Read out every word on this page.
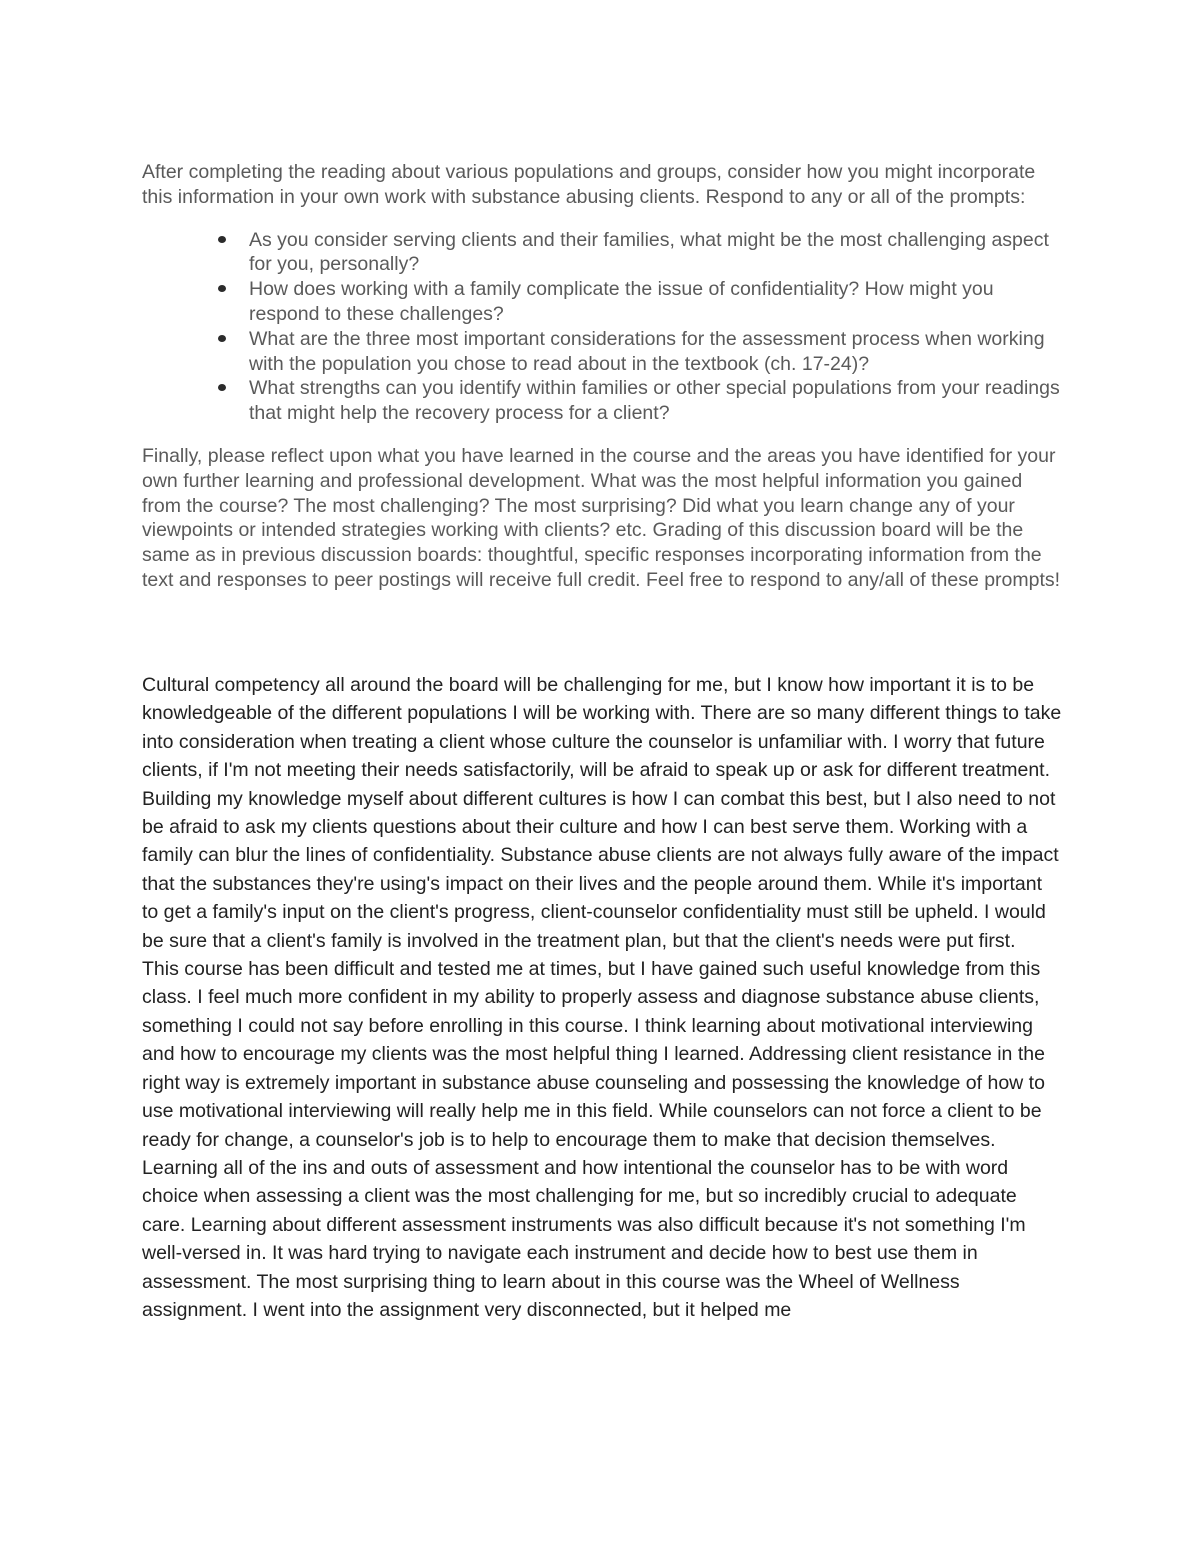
After completing the reading about various populations and groups, consider how you might incorporate this information in your own work with substance abusing clients. Respond to any or all of the prompts:

As you consider serving clients and their families, what might be the most challenging aspect for you, personally?
How does working with a family complicate the issue of confidentiality? How might you respond to these challenges?
What are the three most important considerations for the assessment process when working with the population you chose to read about in the textbook (ch. 17-24)?
What strengths can you identify within families or other special populations from your readings that might help the recovery process for a client?

Finally, please reflect upon what you have learned in the course and the areas you have identified for your own further learning and professional development. What was the most helpful information you gained from the course? The most challenging? The most surprising? Did what you learn change any of your viewpoints or intended strategies working with clients? etc. Grading of this discussion board will be the same as in previous discussion boards: thoughtful, specific responses incorporating information from the text and responses to peer postings will receive full credit. Feel free to respond to any/all of these prompts!

Cultural competency all around the board will be challenging for me, but I know how important it is to be knowledgeable of the different populations I will be working with. There are so many different things to take into consideration when treating a client whose culture the counselor is unfamiliar with. I worry that future clients, if I'm not meeting their needs satisfactorily, will be afraid to speak up or ask for different treatment. Building my knowledge myself about different cultures is how I can combat this best, but I also need to not be afraid to ask my clients questions about their culture and how I can best serve them. Working with a family can blur the lines of confidentiality. Substance abuse clients are not always fully aware of the impact that the substances they're using's impact on their lives and the people around them. While it's important to get a family's input on the client's progress, client-counselor confidentiality must still be upheld. I would be sure that a client's family is involved in the treatment plan, but that the client's needs were put first.

This course has been difficult and tested me at times, but I have gained such useful knowledge from this class. I feel much more confident in my ability to properly assess and diagnose substance abuse clients, something I could not say before enrolling in this course. I think learning about motivational interviewing and how to encourage my clients was the most helpful thing I learned. Addressing client resistance in the right way is extremely important in substance abuse counseling and possessing the knowledge of how to use motivational interviewing will really help me in this field. While counselors can not force a client to be ready for change, a counselor's job is to help to encourage them to make that decision themselves. Learning all of the ins and outs of assessment and how intentional the counselor has to be with word choice when assessing a client was the most challenging for me, but so incredibly crucial to adequate care. Learning about different assessment instruments was also difficult because it's not something I'm well-versed in. It was hard trying to navigate each instrument and decide how to best use them in assessment. The most surprising thing to learn about in this course was the Wheel of Wellness assignment. I went into the assignment very disconnected, but it helped me
